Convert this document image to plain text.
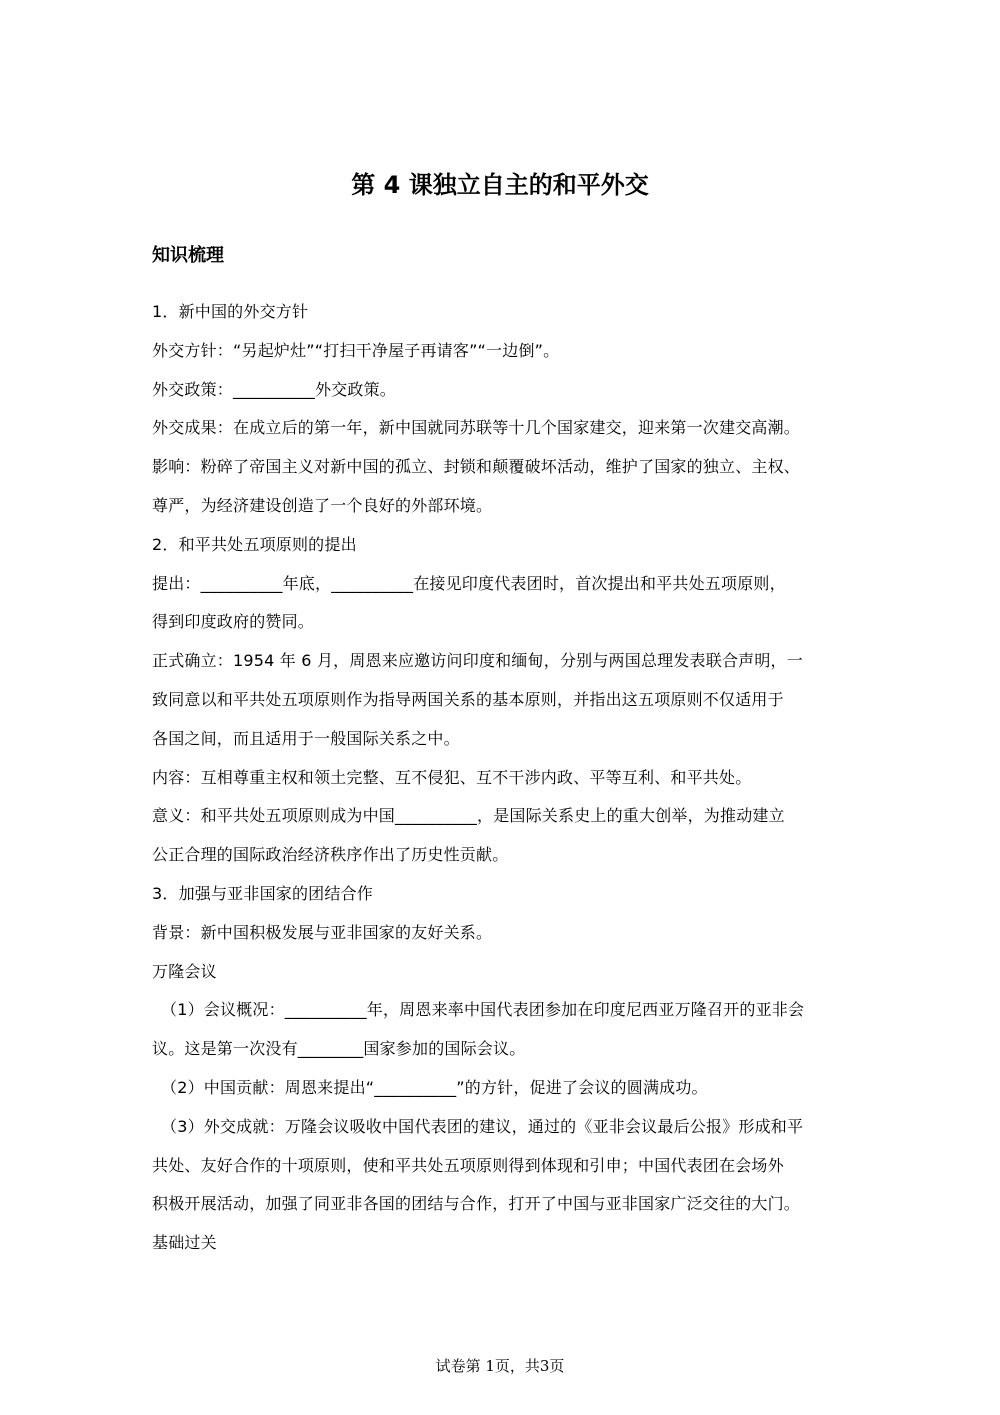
第 4 课独立自主的和平外交
知识梳理
1．新中国的外交方针
外交方针：“另起炉灶”“打扫干净屋子再请客”“一边倒”。
外交政策：__________外交政策。
外交成果：在成立后的第一年，新中国就同苏联等十几个国家建交，迎来第一次建交高潮。
影响：粉碎了帝国主义对新中国的孤立、封锁和颠覆破坏活动，维护了国家的独立、主权、
尊严，为经济建设创造了一个良好的外部环境。
2．和平共处五项原则的提出
提出：__________年底，__________在接见印度代表团时，首次提出和平共处五项原则，
得到印度政府的赞同。
正式确立：1954 年 6 月，周恩来应邀访问印度和缅甸，分别与两国总理发表联合声明，一
致同意以和平共处五项原则作为指导两国关系的基本原则，并指出这五项原则不仅适用于
各国之间，而且适用于一般国际关系之中。
内容：互相尊重主权和领土完整、互不侵犯、互不干涉内政、平等互利、和平共处。
意义：和平共处五项原则成为中国__________，是国际关系史上的重大创举，为推动建立
公正合理的国际政治经济秩序作出了历史性贡献。
3．加强与亚非国家的团结合作
背景：新中国积极发展与亚非国家的友好关系。
万隆会议
（1）会议概况：__________年，周恩来率中国代表团参加在印度尼西亚万隆召开的亚非会
议。这是第一次没有________国家参加的国际会议。
（2）中国贡献：周恩来提出“__________”的方针，促进了会议的圆满成功。
（3）外交成就：万隆会议吸收中国代表团的建议，通过的《亚非会议最后公报》形成和平
共处、友好合作的十项原则，使和平共处五项原则得到体现和引申；中国代表团在会场外
积极开展活动，加强了同亚非各国的团结与合作，打开了中国与亚非国家广泛交往的大门。
基础过关
试卷第 1页，共3页
